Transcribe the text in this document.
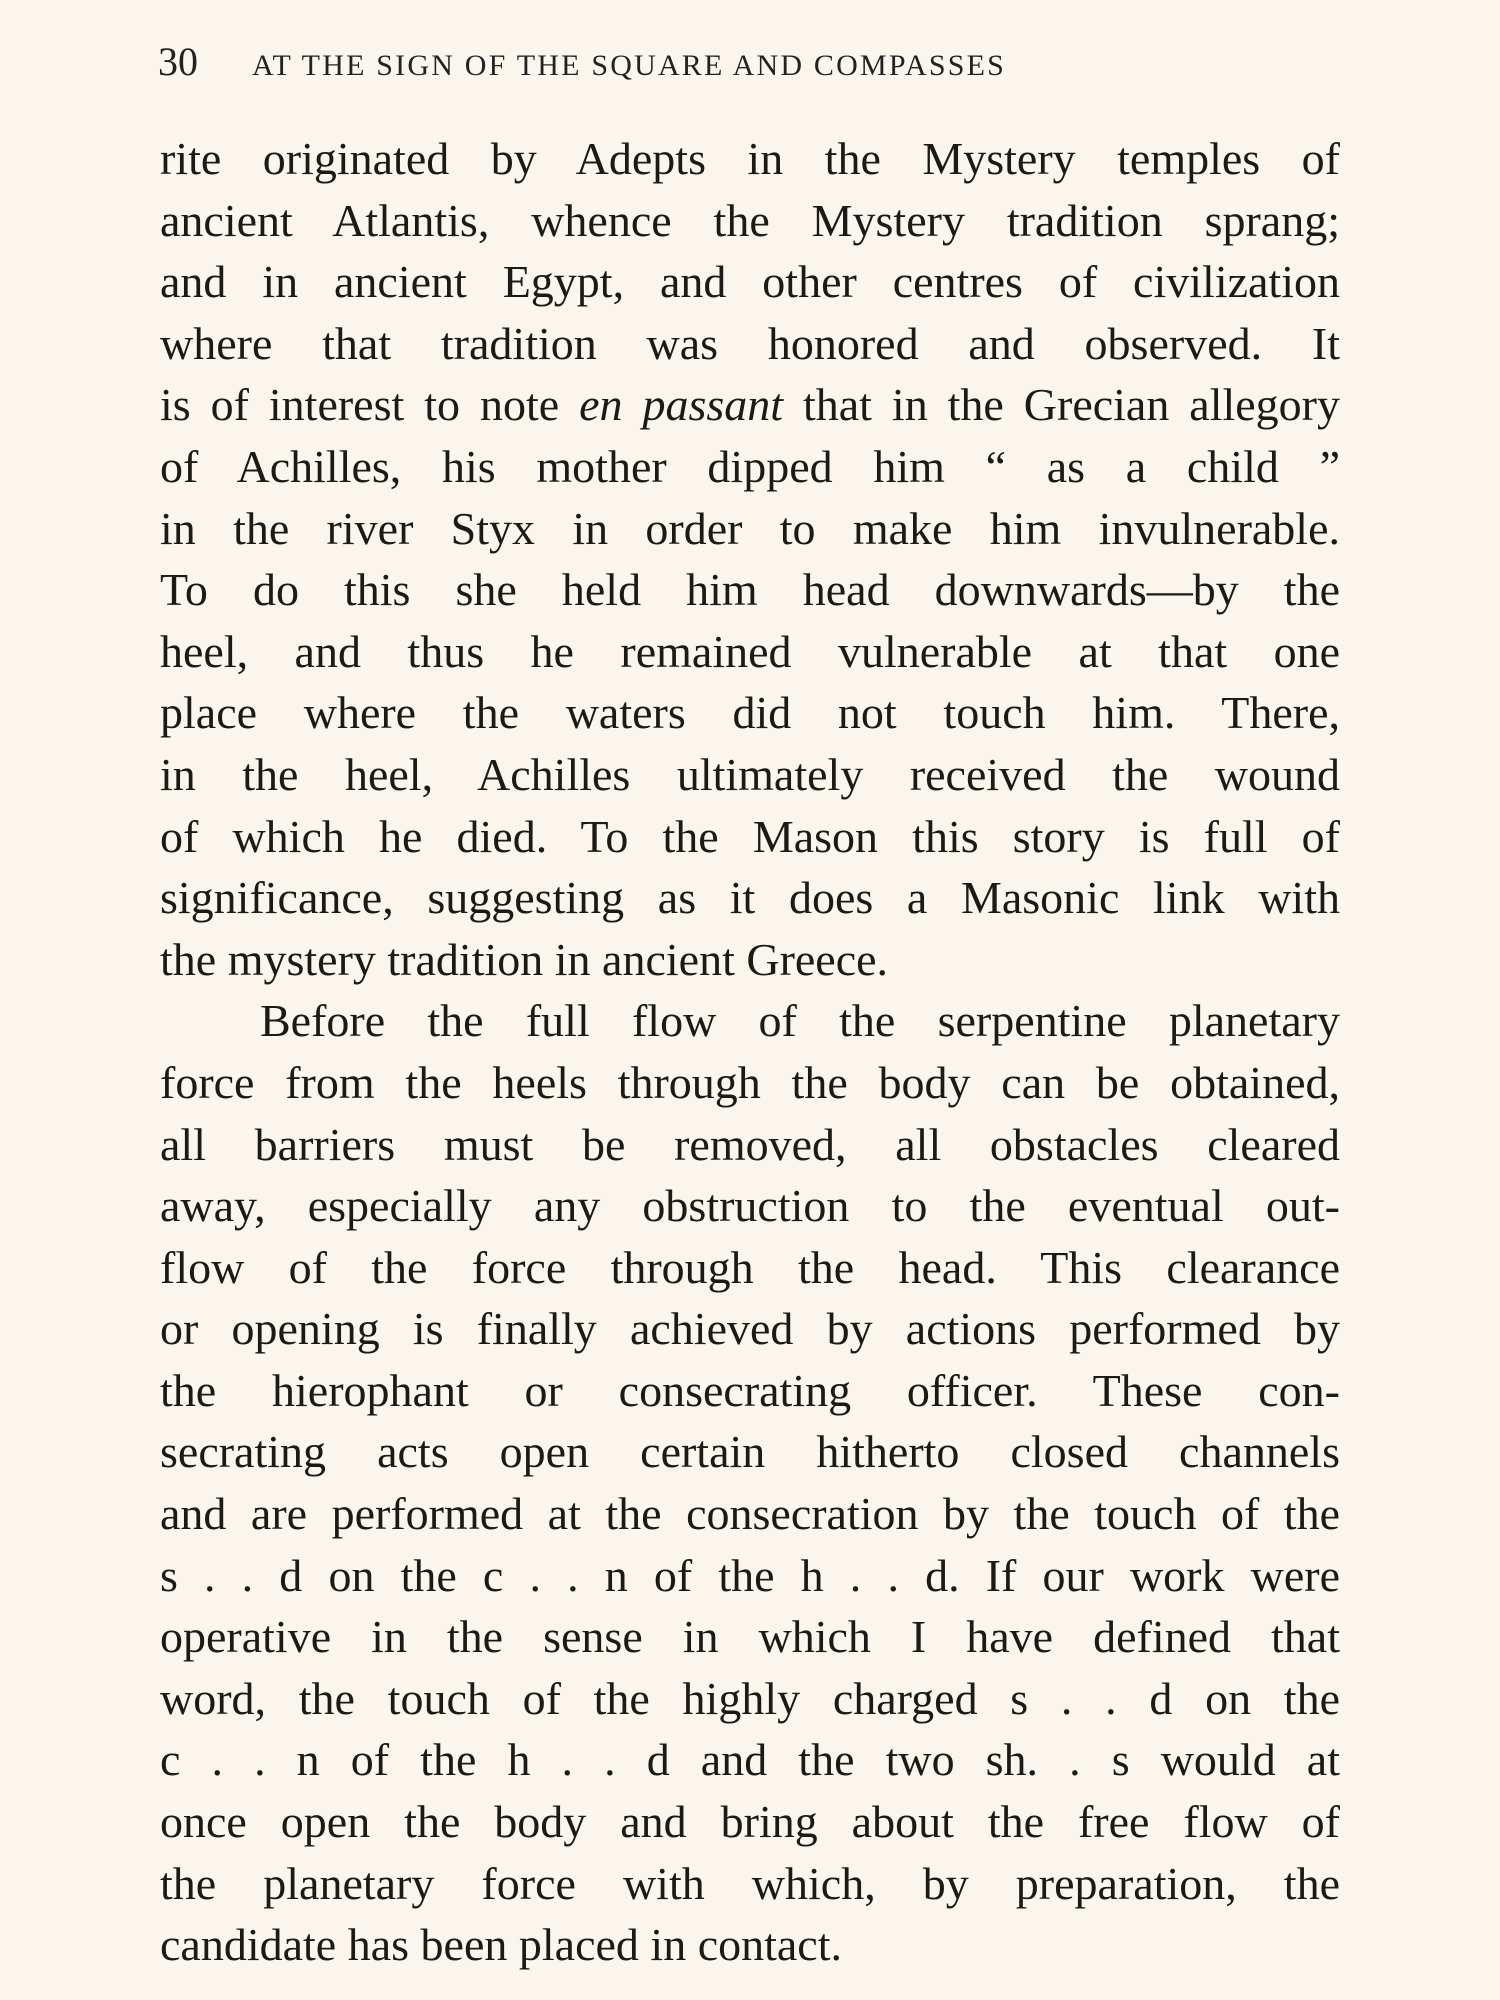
30 AT THE SIGN OF THE SQUARE AND COMPASSES
rite originated by Adepts in the Mystery temples of
ancient Atlantis, whence the Mystery tradition sprang;
and in ancient Egypt, and other centres of civilization
where that tradition was honored and observed. It
is of interest to note en passant that in the Grecian allegory
of Achilles, his mother dipped him “ as a child ”
in the river Styx in order to make him invulnerable.
To do this she held him head downwards—by the
heel, and thus he remained vulnerable at that one
place where the waters did not touch him. There,
in the heel, Achilles ultimately received the wound
of which he died. To the Mason this story is full of
significance, suggesting as it does a Masonic link with
the mystery tradition in ancient Greece.
Before the full flow of the serpentine planetary
force from the heels through the body can be obtained,
all barriers must be removed, all obstacles cleared
away, especially any obstruction to the eventual out-
flow of the force through the head. This clearance
or opening is finally achieved by actions performed by
the hierophant or consecrating officer. These con-
secrating acts open certain hitherto closed channels
and are performed at the consecration by the touch of the
s . . d on the c . . n of the h . . d. If our work were
operative in the sense in which I have defined that
word, the touch of the highly charged s . . d on the
c . . n of the h . . d and the two sh. . s would at
once open the body and bring about the free flow of
the planetary force with which, by preparation, the
candidate has been placed in contact.
